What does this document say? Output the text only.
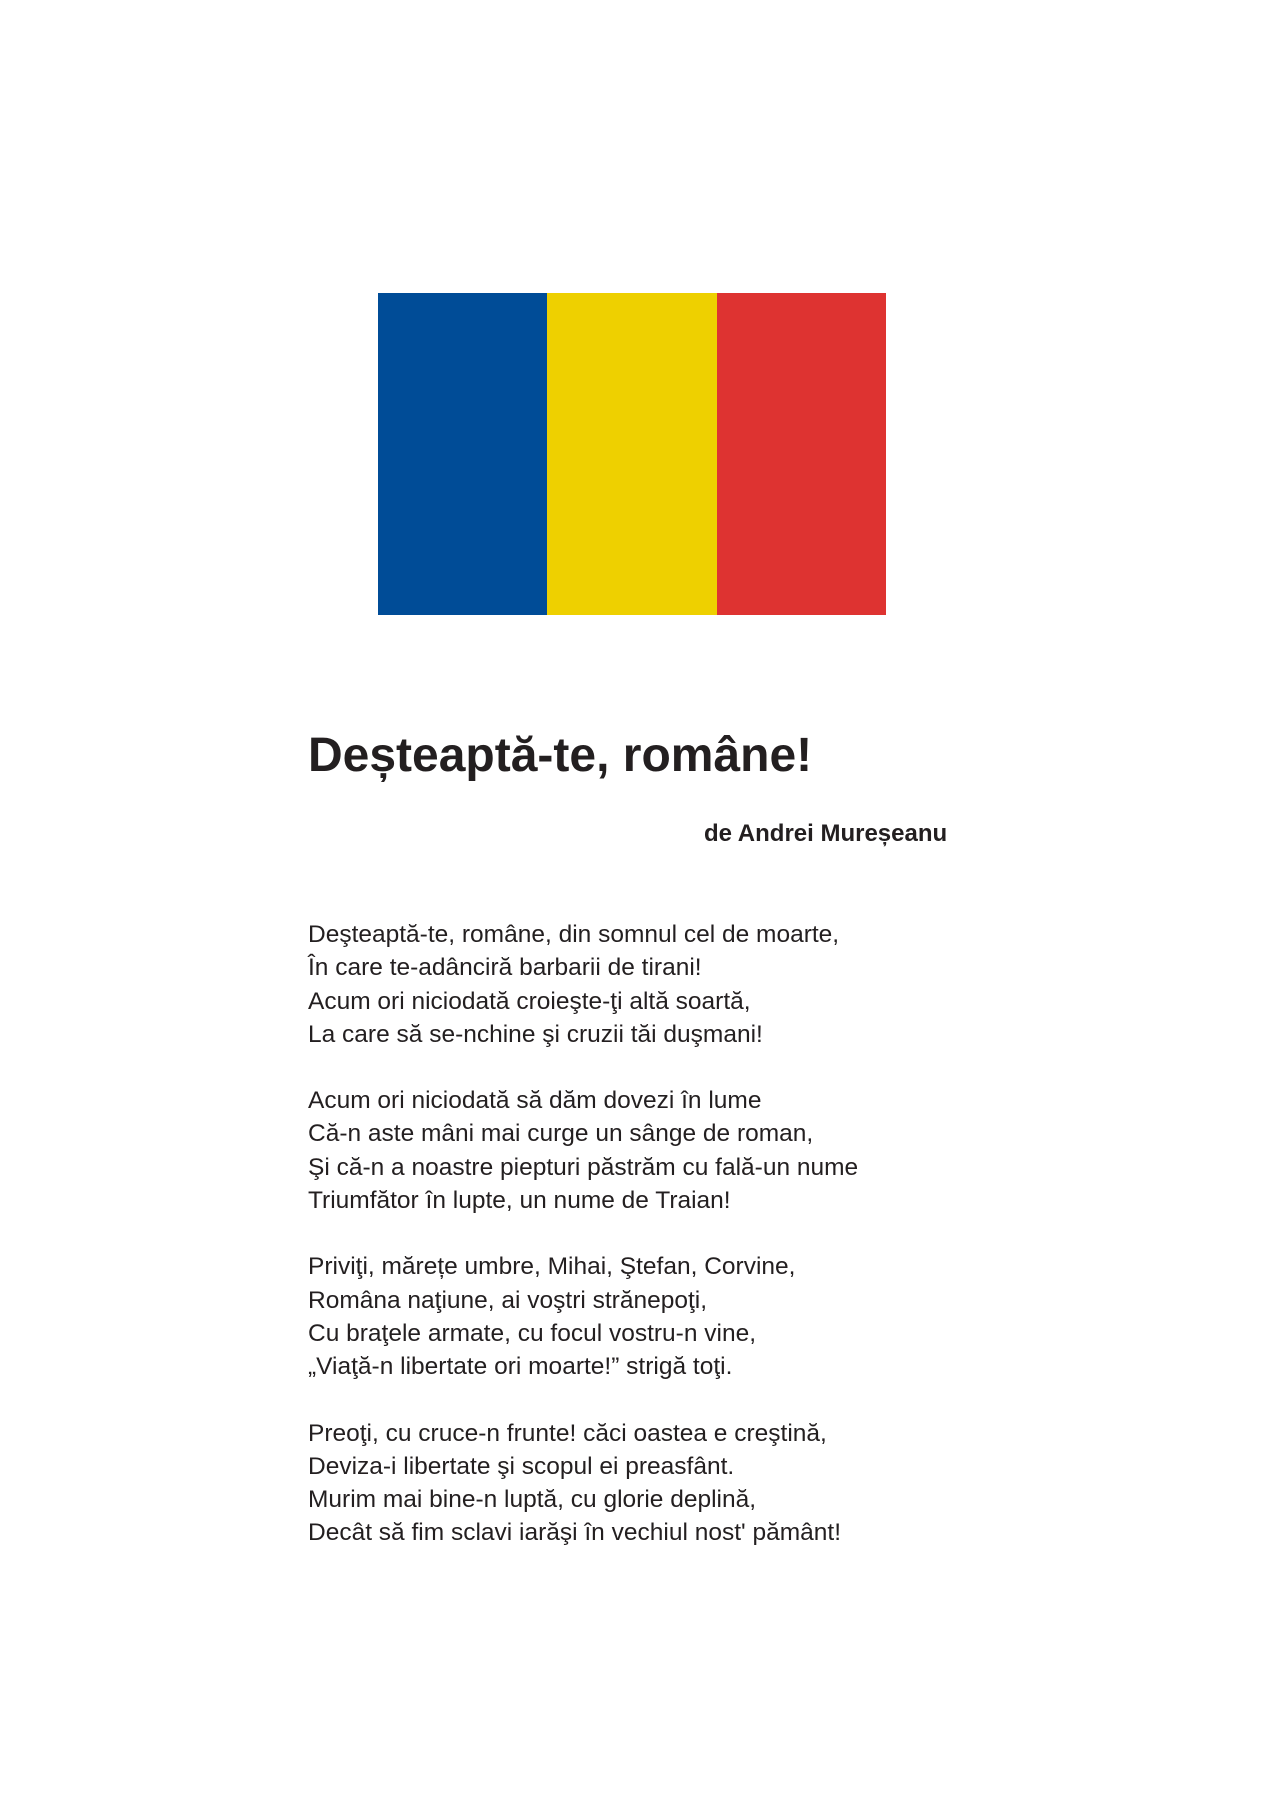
Deșteaptă-te, române!
de Andrei Mureșeanu
Deşteaptă-te, române, din somnul cel de moarte,
În care te-adânciră barbarii de tirani!
Acum ori niciodată croieşte-ţi altă soartă,
La care să se-nchine şi cruzii tăi duşmani!
Acum ori niciodată să dăm dovezi în lume
Că-n aste mâni mai curge un sânge de roman,
Şi că-n a noastre piepturi păstrăm cu fală-un nume
Triumfător în lupte, un nume de Traian!
Priviţi, mărețe umbre, Mihai, Ştefan, Corvine,
Româna naţiune, ai voştri strănepoţi,
Cu braţele armate, cu focul vostru-n vine,
„Viaţă-n libertate ori moarte!” strigă toţi.
Preoţi, cu cruce-n frunte! căci oastea e creştină,
Deviza-i libertate şi scopul ei preasfânt.
Murim mai bine-n luptă, cu glorie deplină,
Decât să fim sclavi iarăşi în vechiul nost' pământ!
